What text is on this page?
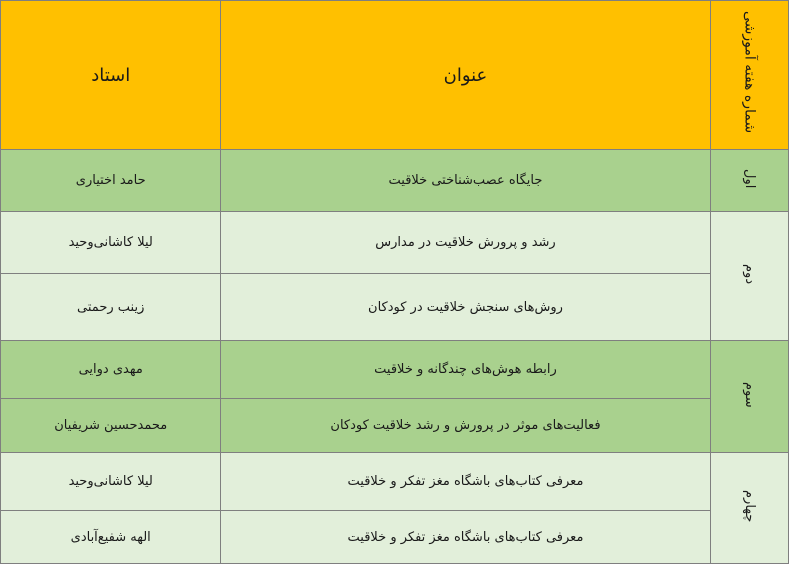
شماره هفته آموزشی	عنوان	استاد
اول	جایگاه عصب‌شناختی خلاقیت	حامد اختیاری
دوم	رشد و پرورش خلاقیت در مدارس	لیلا کاشانی‌وحید
	روش‌های سنجش خلاقیت در کودکان	زینب رحمتی
سوم	رابطه هوش‌های چندگانه و خلاقیت	مهدی دوایی
	فعالیت‌های موثر در پرورش و رشد خلاقیت کودکان	محمدحسین شریفیان
چهارم	معرفی کتاب‌های باشگاه مغز تفکر و خلاقیت	لیلا کاشانی‌وحید
	معرفی کتاب‌های باشگاه مغز تفکر و خلاقیت	الهه شفیع‌آبادی
